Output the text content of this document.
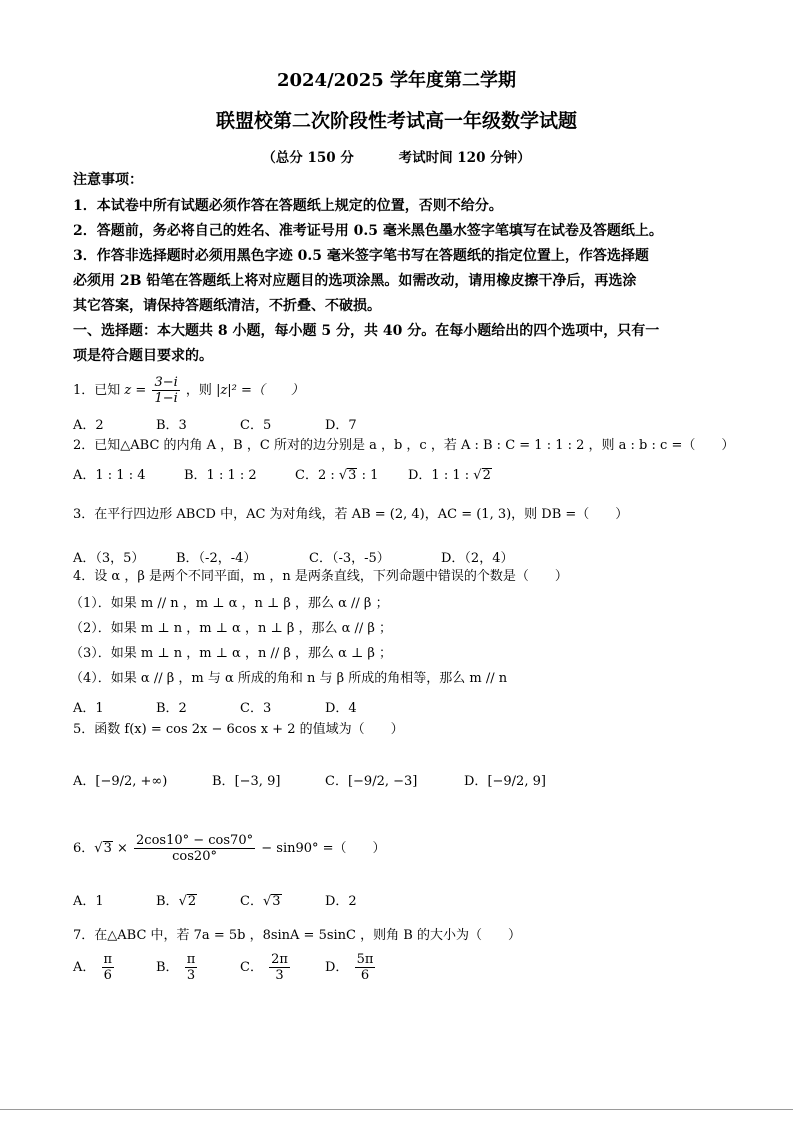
2024/2025 学年度第二学期
联盟校第二次阶段性考试高一年级数学试题
（总分 150 分	考试时间 120 分钟）
注意事项：
1．本试卷中所有试题必须作答在答题纸上规定的位置，否则不给分。
2．答题前，务必将自己的姓名、准考证号用 0.5 毫米黑色墨水签字笔填写在试卷及答题纸上。
3．作答非选择题时必须用黑色字迹 0.5 毫米签字笔书写在答题纸的指定位置上，作答选择题
必须用 2B 铅笔在答题纸上将对应题目的选项涂黑。如需改动，请用橡皮擦干净后，再选涂
其它答案，请保持答题纸清洁，不折叠、不破损。
一、选择题：本大题共 8 小题，每小题 5 分，共 40 分。在每小题给出的四个选项中，只有一
项是符合题目要求的。
1．已知 $z = \frac{3-i}{1-i}$ ，则 |z|² =（　　）
A．2	B．3	C．5	D．7
2．已知△ABC 的内角 A ，B ，C 所对的边分别是 a ，b ，c ，若 A : B : C = 1 : 1 : 2 ，则 a : b : c =（　　）
A．1 : 1 : 4	B．1 : 1 : 2	C．2 : √3 : 1 D．1 : 1 : √2
3．在平行四边形 ABCD 中，AC 为对角线，若 AB = (2, 4)，AC = (1, 3)，则 DB =（　　）
A．（3，5） B．（-2，-4）	C．（-3，-5）	D．（2，4）
4．设 α ，β 是两个不同平面，m ，n 是两条直线，下列命题中错误的个数是（　　）
（1）．如果 m // n ，m ⊥ α ，n ⊥ β ，那么 α // β ；
（2）．如果 m ⊥ n ，m ⊥ α ，n ⊥ β ，那么 α // β ；
（3）．如果 m ⊥ n ，m ⊥ α ，n // β ，那么 α ⊥ β ；
（4）．如果 α // β ，m 与 α 所成的角和 n 与 β 所成的角相等，那么 m // n
A．1	B．2	C．3	D．4
5．函数 f(x) = cos 2x − 6cos x + 2 的值域为（　　）
A．[−9/2, +∞)	B．[−3, 9]	C．[−9/2, −3]	D．[−9/2, 9]
6．$√3 \times \frac{2\cos 10^\circ - \cos 70^\circ}{\cos 20^\circ} - \sin 90^\circ$ =（　　）
A．1	B．√2	C．√3	D．2
7．在△ABC 中，若 7a = 5b ，8sinA = 5sinC ，则角 B 的大小为（　　）
A． $\frac{\pi}{6}$	B． $\frac{\pi}{3}$	C． $\frac{2\pi}{3}$	D． $\frac{5\pi}{6}$
